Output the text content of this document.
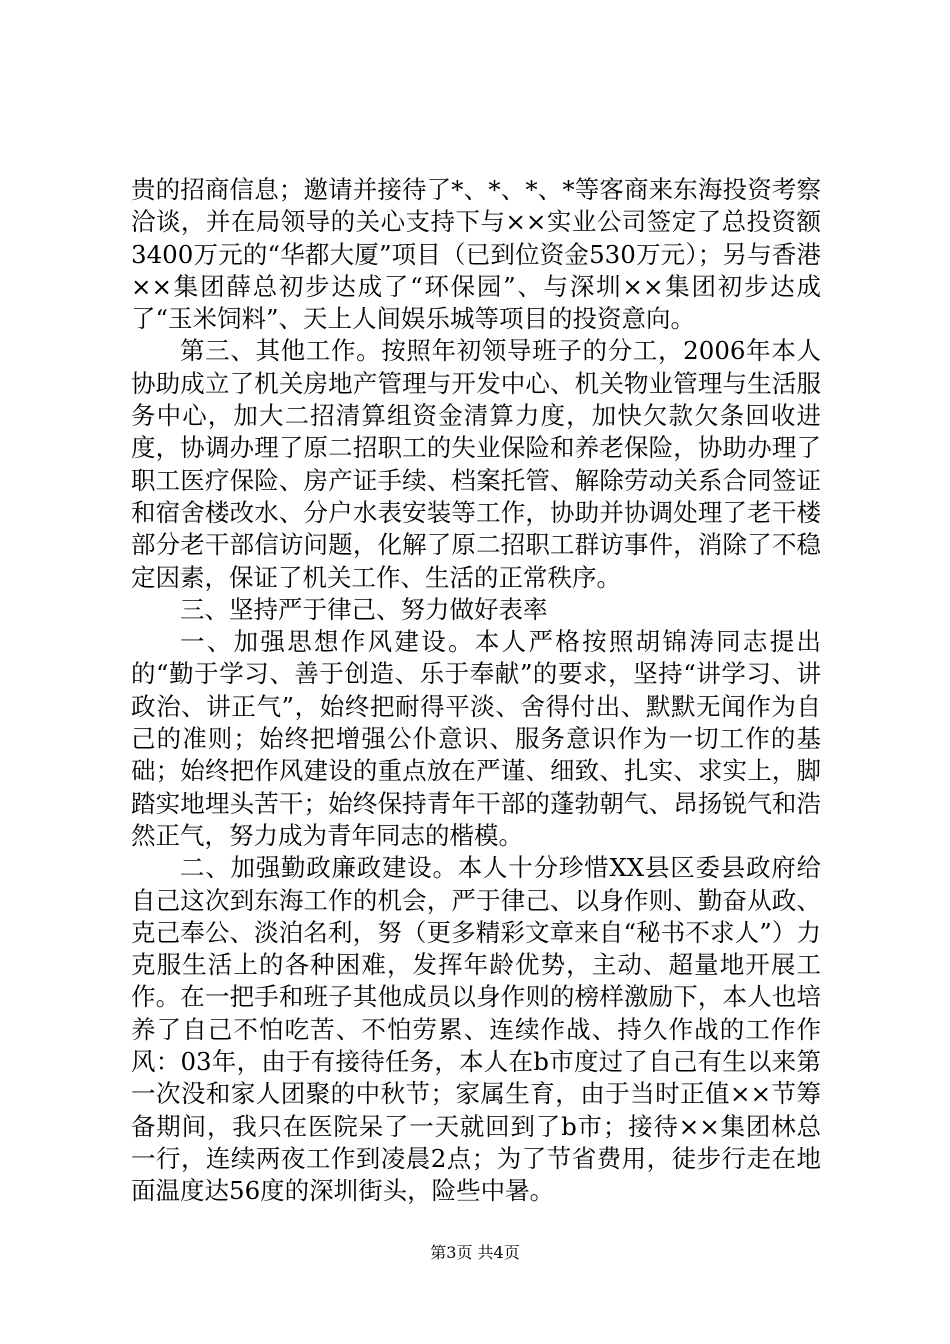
贵的招商信息；邀请并接待了*、*、*、*等客商来东海投资考察洽谈，并在局领导的关心支持下与××实业公司签定了总投资额3400万元的“华都大厦”项目（已到位资金530万元）；另与香港××集团薛总初步达成了“环保园”、与深圳××集团初步达成了“玉米饲料”、天上人间娱乐城等项目的投资意向。

第三、其他工作。按照年初领导班子的分工，2006年本人协助成立了机关房地产管理与开发中心、机关物业管理与生活服务中心，加大二招清算组资金清算力度，加快欠款欠条回收进度，协调办理了原二招职工的失业保险和养老保险，协助办理了职工医疗保险、房产证手续、档案托管、解除劳动关系合同签证和宿舍楼改水、分户水表安装等工作，协助并协调处理了老干楼部分老干部信访问题，化解了原二招职工群访事件，消除了不稳定因素，保证了机关工作、生活的正常秩序。

三、坚持严于律己、努力做好表率

一、加强思想作风建设。本人严格按照胡锦涛同志提出的“勤于学习、善于创造、乐于奉献”的要求，坚持“讲学习、讲政治、讲正气”，始终把耐得平淡、舍得付出、默默无闻作为自己的准则；始终把增强公仆意识、服务意识作为一切工作的基础；始终把作风建设的重点放在严谨、细致、扎实、求实上，脚踏实地埋头苦干；始终保持青年干部的蓬勃朝气、昂扬锐气和浩然正气，努力成为青年同志的楷模。

二、加强勤政廉政建设。本人十分珍惜XX县区委县政府给自己这次到东海工作的机会，严于律己、以身作则、勤奋从政、克己奉公、淡泊名利，努（更多精彩文章来自“秘书不求人”）力克服生活上的各种困难，发挥年龄优势，主动、超量地开展工作。在一把手和班子其他成员以身作则的榜样激励下，本人也培养了自己不怕吃苦、不怕劳累、连续作战、持久作战的工作作风：03年，由于有接待任务，本人在b市度过了自己有生以来第一次没和家人团聚的中秋节；家属生育，由于当时正值××节筹备期间，我只在医院呆了一天就回到了b市；接待××集团林总一行，连续两夜工作到凌晨2点；为了节省费用，徒步行走在地面温度达56度的深圳街头，险些中暑。

第3页 共4页
